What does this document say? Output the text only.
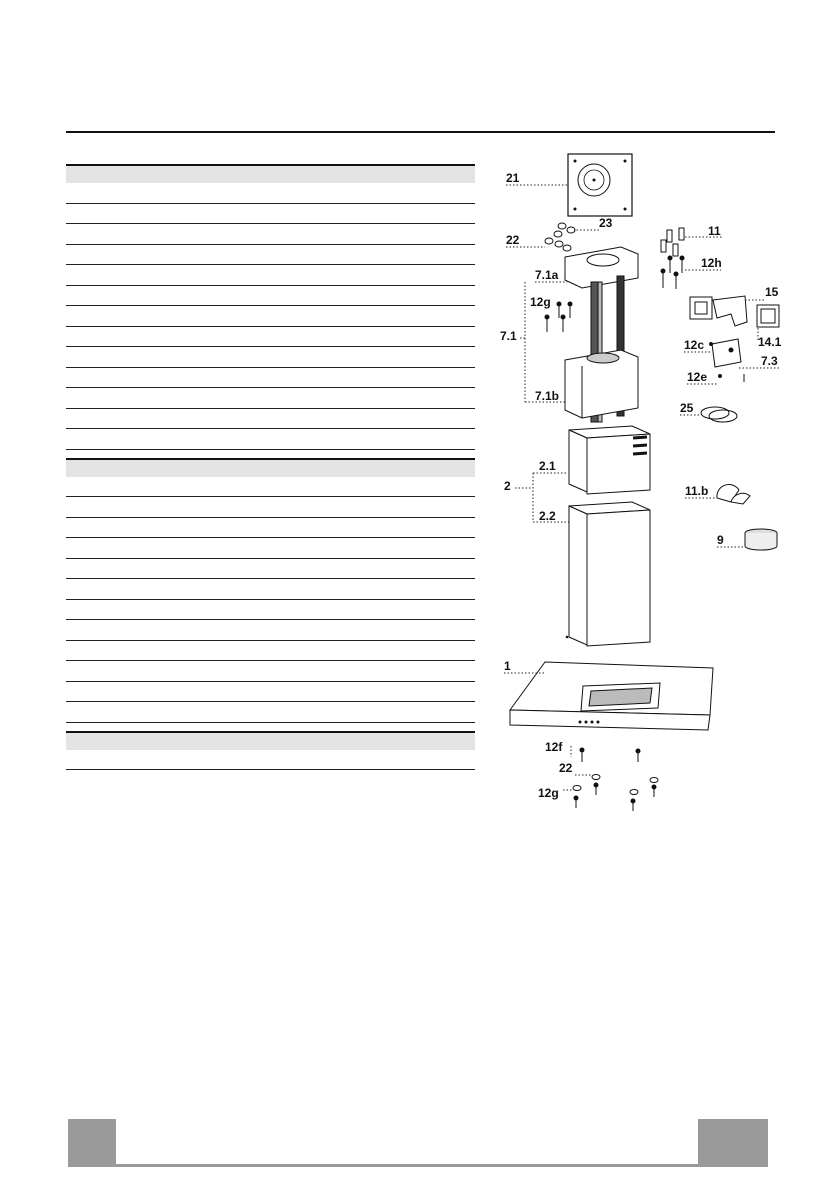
21
23
22
11
12h
7.1a
12g
7.1
7.1b
15
14.1
12c
7.3
12e
25
2.1
2
2.2
11.b
9
1
12f
22
12g
